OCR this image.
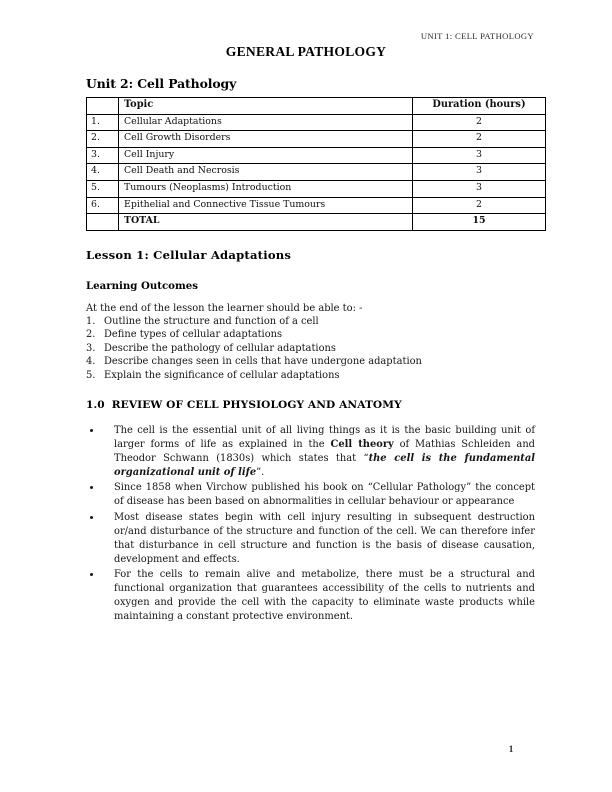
UNIT 1: CELL PATHOLOGY
GENERAL PATHOLOGY
Unit 2: Cell Pathology
	Topic	Duration (hours)
1.	Cellular Adaptations	2
2.	Cell Growth Disorders	2
3.	Cell Injury	3
4.	Cell Death and Necrosis	3
5.	Tumours (Neoplasms) Introduction	3
6.	Epithelial and Connective Tissue Tumours	2
	TOTAL	15
Lesson 1: Cellular Adaptations
Learning Outcomes

At the end of the lesson the learner should be able to: -

1. Outline the structure and function of a cell
2. Define types of cellular adaptations
3. Describe the pathology of cellular adaptations
4. Describe changes seen in cells that have undergone adaptation
5. Explain the significance of cellular adaptations
1.0 REVIEW OF CELL PHYSIOLOGY AND ANATOMY
The cell is the essential unit of all living things as it is the basic building unit of larger forms of life as explained in the Cell theory of Mathias Schleiden and Theodor Schwann (1830s) which states that “the cell is the fundamental organizational unit of life”.
Since 1858 when Virchow published his book on “Cellular Pathology” the concept of disease has been based on abnormalities in cellular behaviour or appearance
Most disease states begin with cell injury resulting in subsequent destruction or/and disturbance of the structure and function of the cell. We can therefore infer that disturbance in cell structure and function is the basis of disease causation, development and effects.
For the cells to remain alive and metabolize, there must be a structural and functional organization that guarantees accessibility of the cells to nutrients and oxygen and provide the cell with the capacity to eliminate waste products while maintaining a constant protective environment.
1
